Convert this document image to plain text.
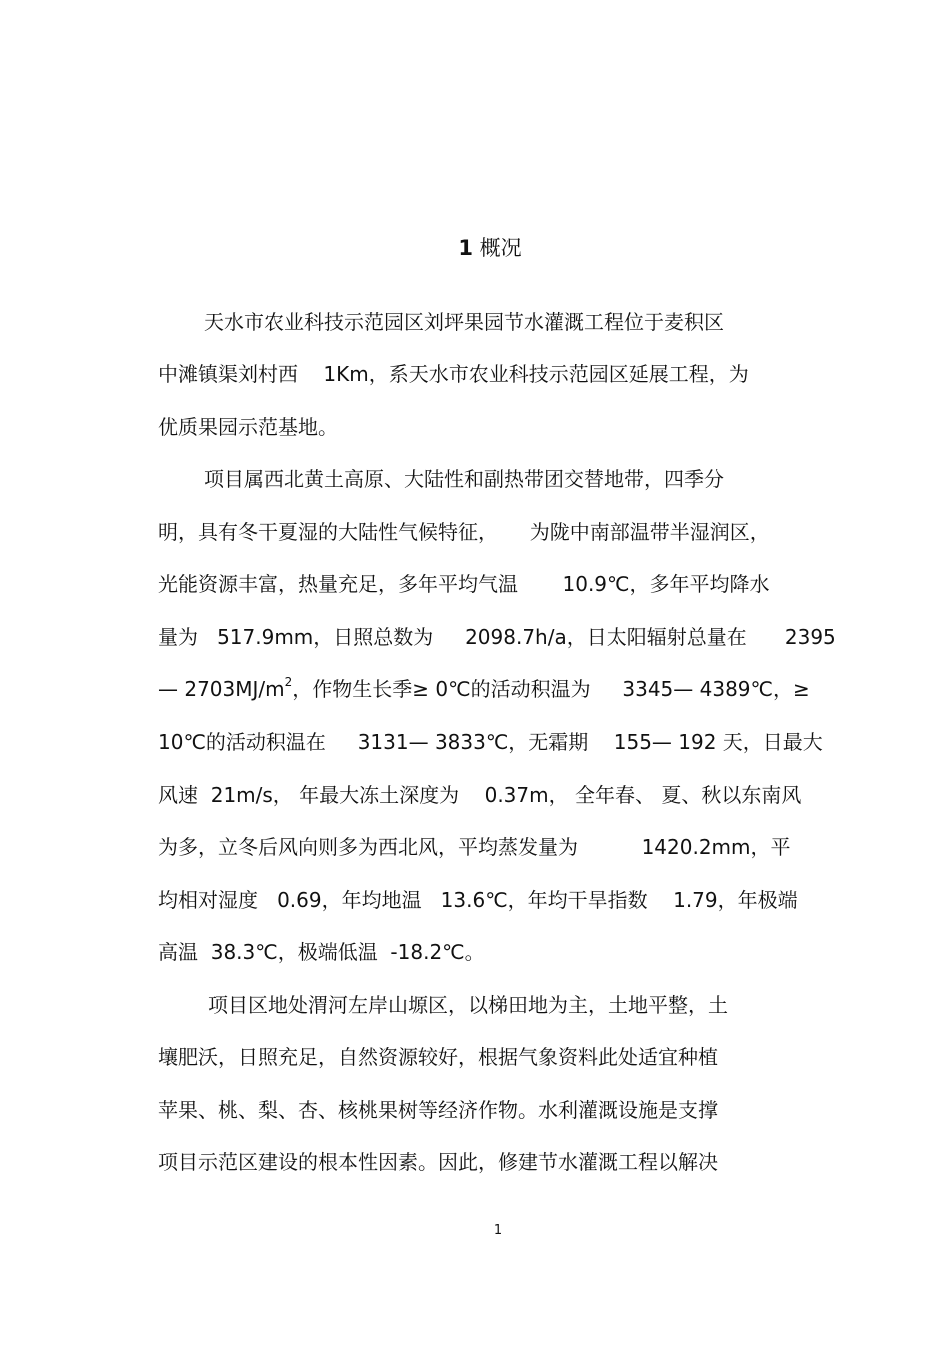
1 概况
天水市农业科技示范园区刘坪果园节水灌溉工程位于麦积区
中滩镇渠刘村西    1Km，系天水市农业科技示范园区延展工程，为
优质果园示范基地。
项目属西北黄土高原、大陆性和副热带团交替地带，四季分
明，具有冬干夏湿的大陆性气候特征，     为陇中南部温带半湿润区，
光能资源丰富，热量充足，多年平均气温       10.9℃，多年平均降水
量为   517.9mm，日照总数为     2098.7h/a，日太阳辐射总量在      2395
— $2703MJ/m^2$，作物生长季≥ 0℃的活动积温为     3345— 4389℃，≥
10℃的活动积温在     3131— 3833℃，无霜期    155— 192 天，日最大
风速  21m/s， 年最大冻土深度为    0.37m， 全年春、 夏、秋以东南风
为多，立冬后风向则多为西北风，平均蒸发量为          1420.2mm，平
均相对湿度   0.69，年均地温   13.6℃，年均干旱指数    1.79，年极端
高温  38.3℃，极端低温  -18.2℃。
项目区地处渭河左岸山塬区，以梯田地为主，土地平整，土
壤肥沃，日照充足，自然资源较好，根据气象资料此处适宜种植
苹果、桃、梨、杏、核桃果树等经济作物。水利灌溉设施是支撑
项目示范区建设的根本性因素。因此，修建节水灌溉工程以解决
1
